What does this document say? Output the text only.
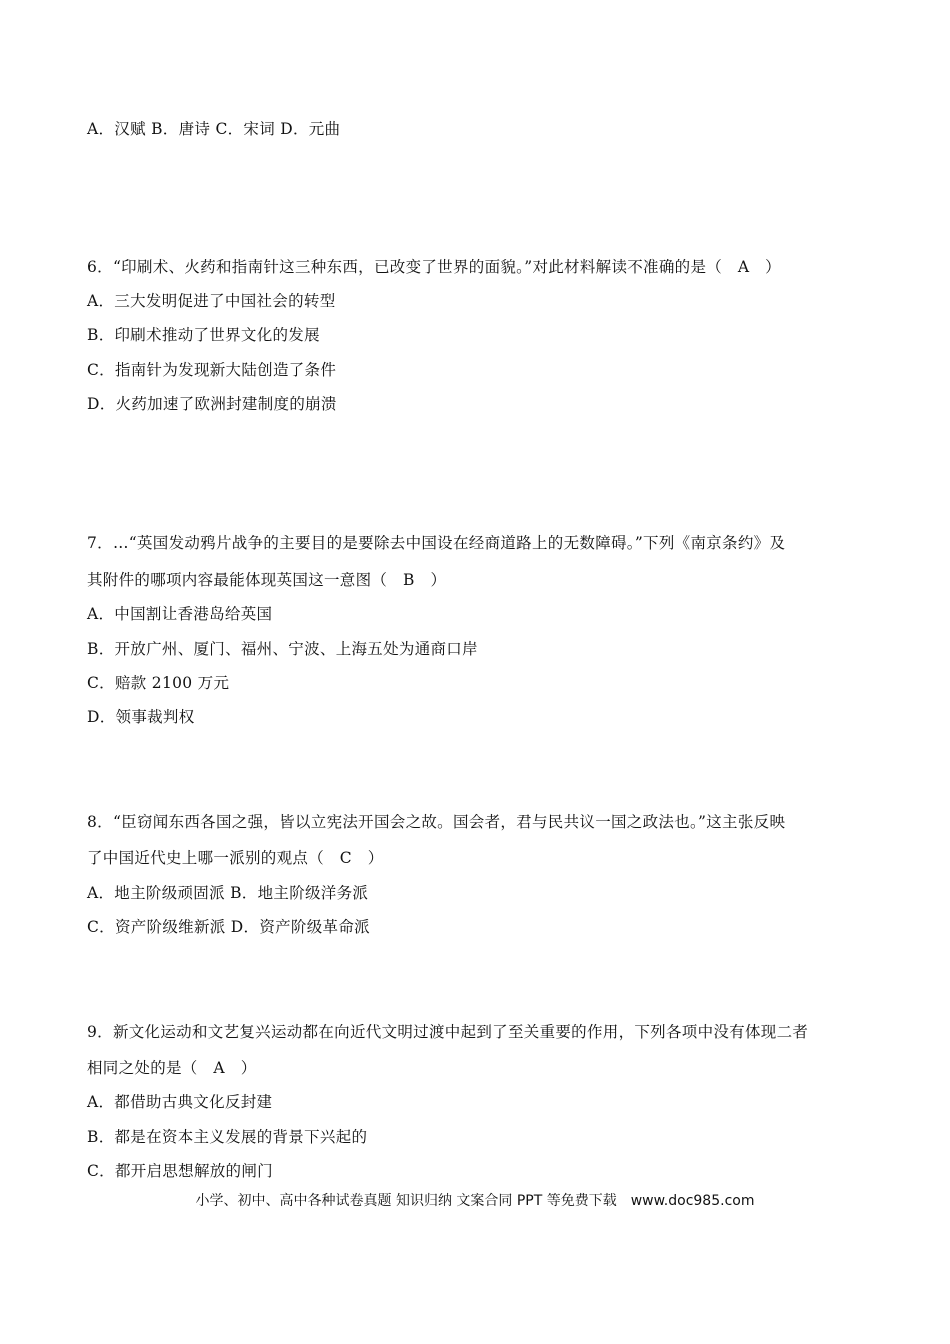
A．汉赋 B．唐诗 C．宋词 D．元曲
6．“印刷术、火药和指南针这三种东西，已改变了世界的面貌。”对此材料解读不准确的是（　A　）
A．三大发明促进了中国社会的转型
B．印刷术推动了世界文化的发展
C．指南针为发现新大陆创造了条件
D．火药加速了欧洲封建制度的崩溃
7．…“英国发动鸦片战争的主要目的是要除去中国设在经商道路上的无数障碍。”下列《南京条约》及
其附件的哪项内容最能体现英国这一意图（　B　）
A．中国割让香港岛给英国
B．开放广州、厦门、福州、宁波、上海五处为通商口岸
C．赔款 2100 万元
D．领事裁判权
8．“臣窃闻东西各国之强，皆以立宪法开国会之故。国会者，君与民共议一国之政法也。”这主张反映
了中国近代史上哪一派别的观点（　C　）
A．地主阶级顽固派 B．地主阶级洋务派
C．资产阶级维新派 D．资产阶级革命派
9．新文化运动和文艺复兴运动都在向近代文明过渡中起到了至关重要的作用，下列各项中没有体现二者
相同之处的是（　A　）
A．都借助古典文化反封建
B．都是在资本主义发展的背景下兴起的
C．都开启思想解放的闸门
小学、初中、高中各种试卷真题 知识归纳 文案合同 PPT 等免费下载　www.doc985.com
